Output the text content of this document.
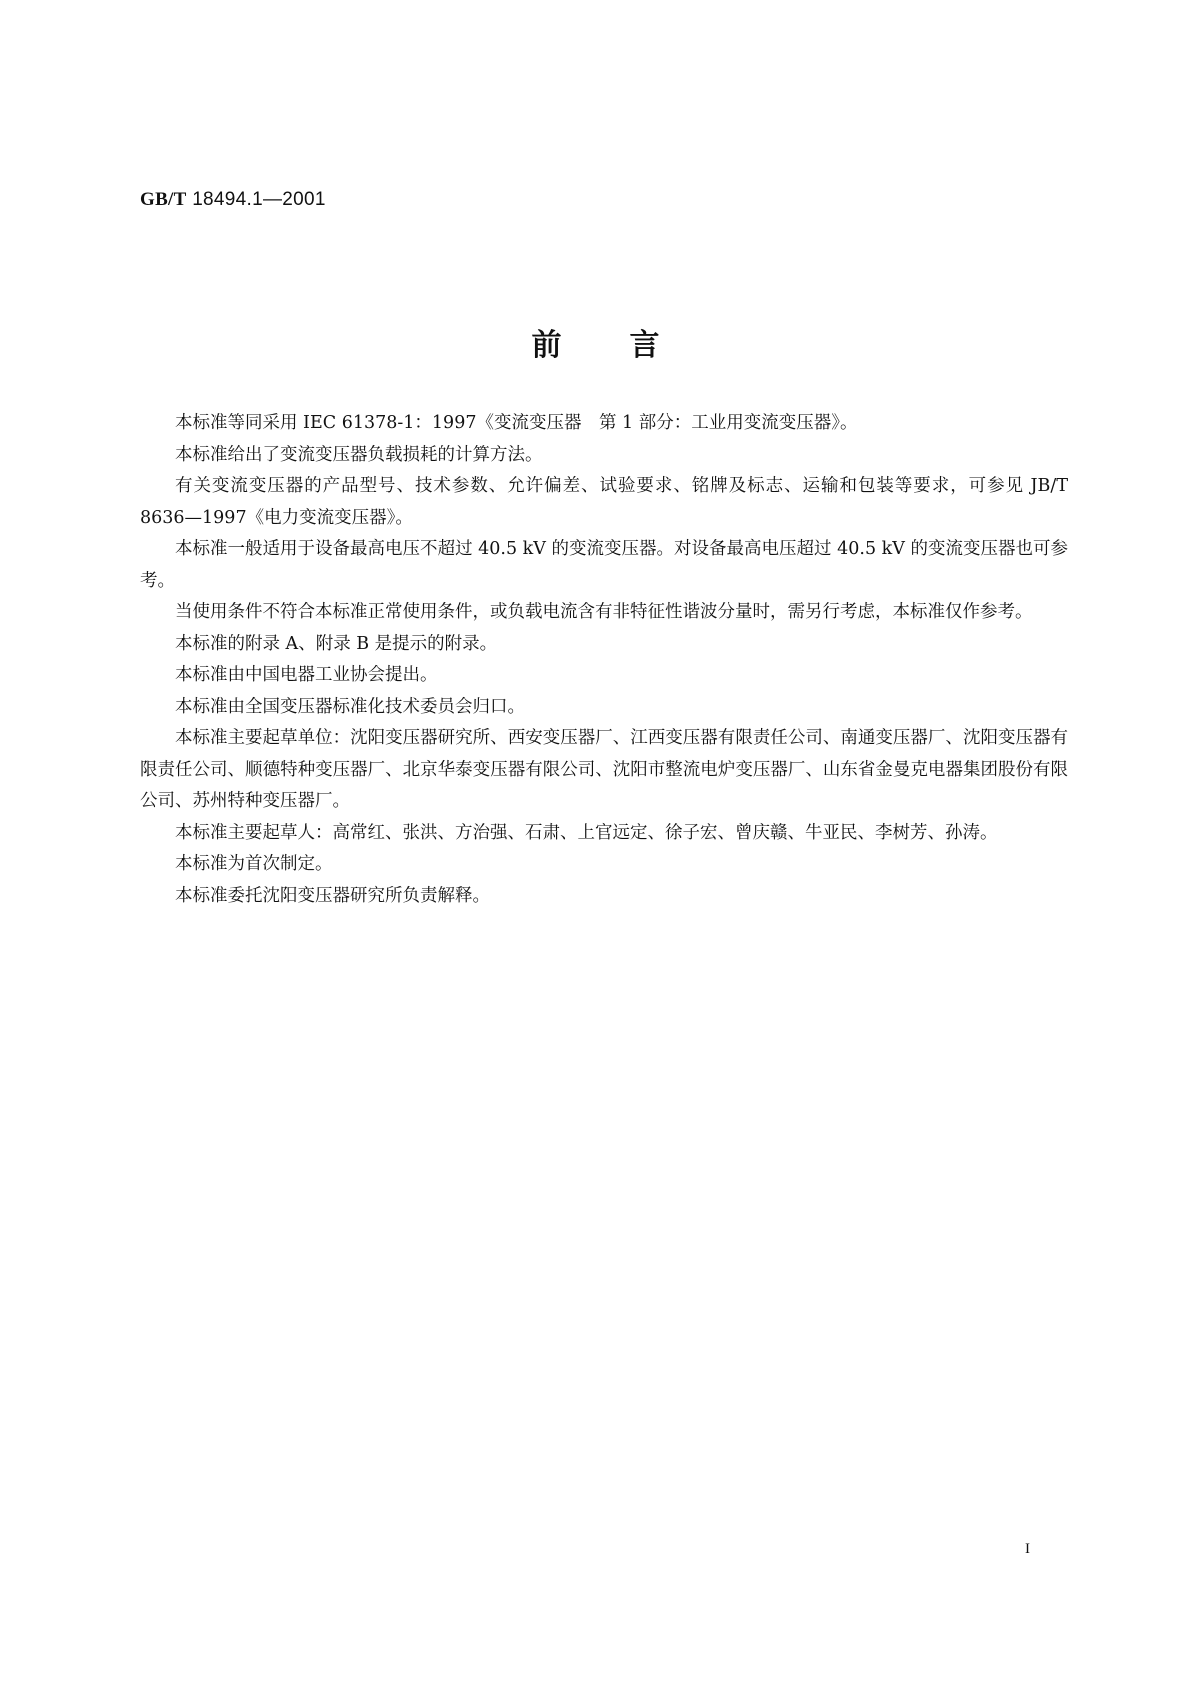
GB/T 18494.1—2001
前言

本标准等同采用 IEC 61378-1：1997《变流变压器　第 1 部分：工业用变流变压器》。

本标准给出了变流变压器负载损耗的计算方法。

有关变流变压器的产品型号、技术参数、允许偏差、试验要求、铭牌及标志、运输和包装等要求，可参见 JB/T 8636—1997《电力变流变压器》。

本标准一般适用于设备最高电压不超过 40.5 kV 的变流变压器。对设备最高电压超过 40.5 kV 的变流变压器也可参考。

当使用条件不符合本标准正常使用条件，或负载电流含有非特征性谐波分量时，需另行考虑，本标准仅作参考。

本标准的附录 A、附录 B 是提示的附录。

本标准由中国电器工业协会提出。

本标准由全国变压器标准化技术委员会归口。

本标准主要起草单位：沈阳变压器研究所、西安变压器厂、江西变压器有限责任公司、南通变压器厂、沈阳变压器有限责任公司、顺德特种变压器厂、北京华泰变压器有限公司、沈阳市整流电炉变压器厂、山东省金曼克电器集团股份有限公司、苏州特种变压器厂。

本标准主要起草人：高常红、张洪、方治强、石肃、上官远定、徐子宏、曾庆赣、牛亚民、李树芳、孙涛。

本标准为首次制定。

本标准委托沈阳变压器研究所负责解释。

I
